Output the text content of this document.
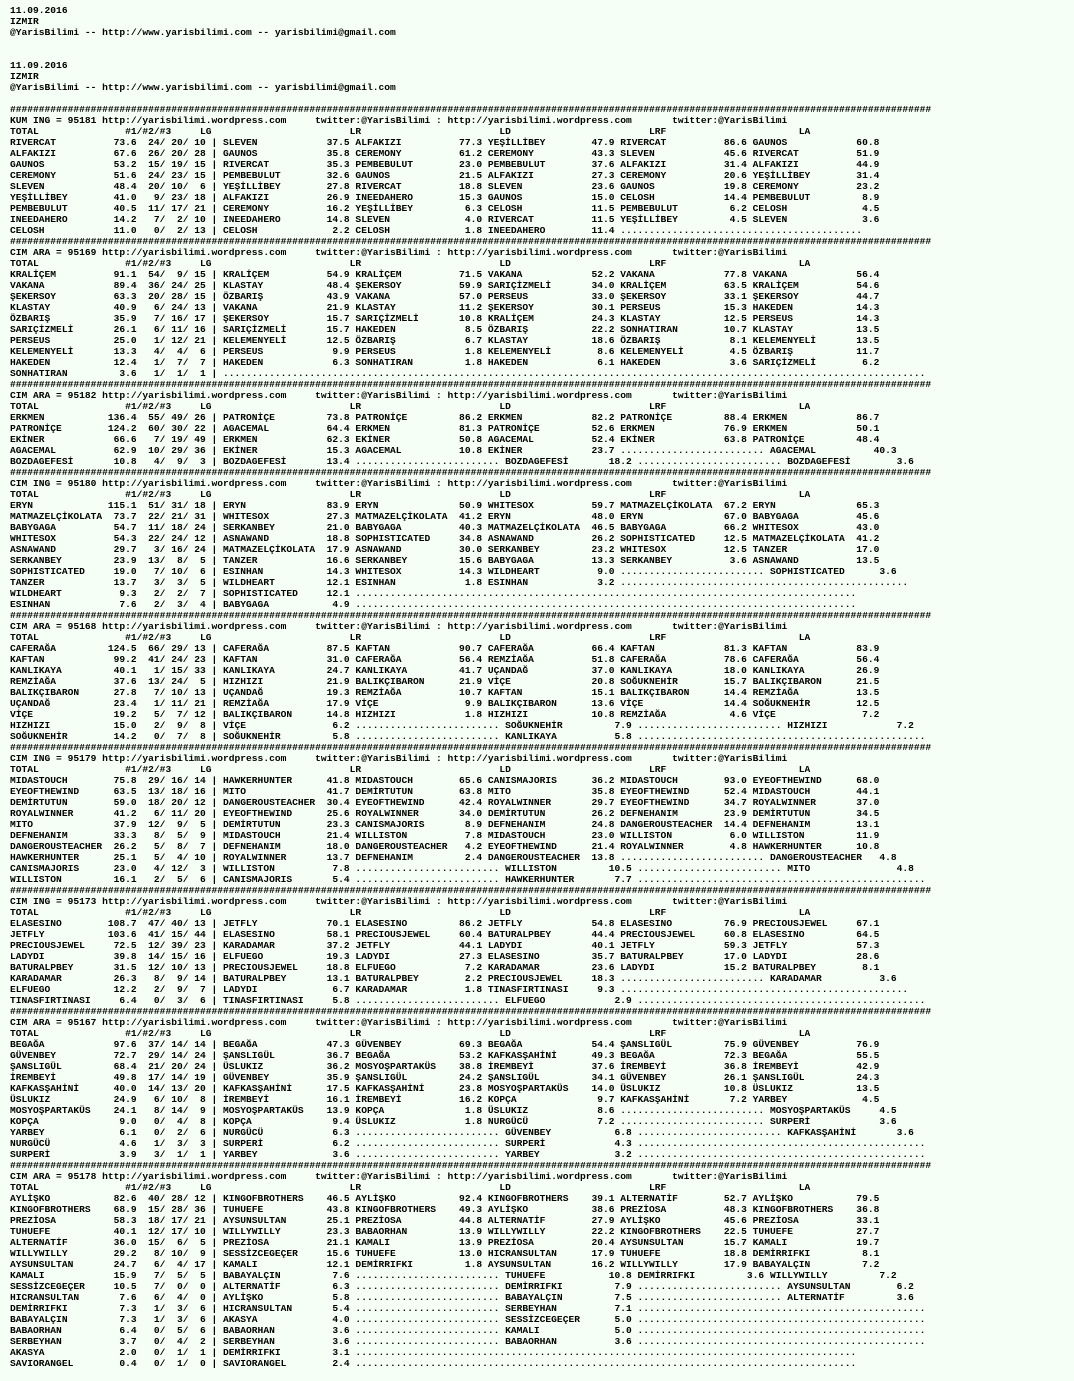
11.09.2016
IZMIR
@YarisBilimi -- http://www.yarisbilimi.com -- yarisbilimi@gmail.com
11.09.2016
IZMIR
@YarisBilimi -- http://www.yarisbilimi.com -- yarisbilimi@gmail.com
################################################################################################################################################################
KUM ING = 95181 http://yarisbilimi.wordpress.com     twitter:@YarisBilimi : http://yarisbilimi.wordpress.com       twitter:@YarisBilimi
TOTAL               #1/#2/#3     LG                        LR                        LD                        LRF                       LA
RIVERCAT          73.6  24/ 20/ 10 | SLEVEN            37.5 ALFAKIZI          77.3 YEŞİLLİBEY        47.9 RIVERCAT          86.6 GAUNOS            60.8
ALFAKIZI          67.6  26/ 20/ 28 | GAUNOS            35.8 CEREMONY          61.2 CEREMONY          43.3 SLEVEN            45.6 RIVERCAT          51.9
GAUNOS            53.2  15/ 19/ 15 | RIVERCAT          35.3 PEMBEBULUT        23.0 PEMBEBULUT        37.6 ALFAKIZI          31.4 ALFAKIZI          44.9
CEREMONY          51.6  24/ 23/ 15 | PEMBEBULUT        32.6 GAUNOS            21.5 ALFAKIZI          27.3 CEREMONY          20.6 YEŞİLLİBEY        31.4
SLEVEN            48.4  20/ 10/  6 | YEŞİLLİBEY        27.8 RIVERCAT          18.8 SLEVEN            23.6 GAUNOS            19.8 CEREMONY          23.2
YEŞİLLİBEY        41.0   9/ 23/ 18 | ALFAKIZI          26.9 INEEDAHERO        15.3 GAUNOS            15.0 CELOSH            14.4 PEMBEBULUT         8.9
PEMBEBULUT        40.5  11/ 17/ 21 | CEREMONY          16.2 YEŞİLLİBEY         6.3 CELOSH            11.5 PEMBEBULUT         6.2 CELOSH             4.5
INEEDAHERO        14.2   7/  2/ 10 | INEEDAHERO        14.8 SLEVEN             4.0 RIVERCAT          11.5 YEŞİLLİBEY         4.5 SLEVEN             3.6
CELOSH            11.0   0/  2/ 13 | CELOSH             2.2 CELOSH             1.8 INEEDAHERO        11.4 ..........................................
################################################################################################################################################################
CIM ARA = 95169 http://yarisbilimi.wordpress.com     twitter:@YarisBilimi : http://yarisbilimi.wordpress.com       twitter:@YarisBilimi
TOTAL               #1/#2/#3     LG                        LR                        LD                        LRF                       LA
KRALİÇEM          91.1  54/  9/ 15 | KRALİÇEM          54.9 KRALİÇEM          71.5 VAKANA            52.2 VAKANA            77.8 VAKANA            56.4
VAKANA            89.4  36/ 24/ 25 | KLASTAY           48.4 ŞEKERSOY          59.9 SARIÇİZMELİ       34.0 KRALİÇEM          63.5 KRALİÇEM          54.6
ŞEKERSOY          63.3  20/ 28/ 15 | ÖZBARIŞ           43.9 VAKANA            57.0 PERSEUS           33.0 ŞEKERSOY          33.1 ŞEKERSOY          44.7
KLASTAY           40.9   6/ 24/ 13 | VAKANA            21.9 KLASTAY           11.2 ŞEKERSOY          30.1 PERSEUS           15.3 HAKEDEN           14.3
ÖZBARIŞ           35.9   7/ 16/ 17 | ŞEKERSOY          15.7 SARIÇİZMELİ       10.8 KRALİÇEM          24.3 KLASTAY           12.5 PERSEUS           14.3
SARIÇİZMELİ       26.1   6/ 11/ 16 | SARIÇİZMELİ       15.7 HAKEDEN            8.5 ÖZBARIŞ           22.2 SONHATIRAN        10.7 KLASTAY           13.5
PERSEUS           25.0   1/ 12/ 21 | KELEMENYELİ       12.5 ÖZBARIŞ            6.7 KLASTAY           18.6 ÖZBARIŞ            8.1 KELEMENYELİ       13.5
KELEMENYELİ       13.3   4/  4/  6 | PERSEUS            9.9 PERSEUS            1.8 KELEMENYELİ        8.6 KELEMENYELİ        4.5 ÖZBARIŞ           11.7
HAKEDEN           12.4   1/  7/  7 | HAKEDEN            6.3 SONHATIRAN         1.8 HAKEDEN            6.1 HAKEDEN            3.6 SARIÇİZMELİ        6.2
SONHATIRAN         3.6   1/  1/  1 | ..........................................................................................................................
################################################################################################################################################################
CIM ARA = 95182 http://yarisbilimi.wordpress.com     twitter:@YarisBilimi : http://yarisbilimi.wordpress.com       twitter:@YarisBilimi
TOTAL               #1/#2/#3     LG                        LR                        LD                        LRF                       LA
ERKMEN           136.4  55/ 49/ 26 | PATRONİÇE         73.8 PATRONİÇE         86.2 ERKMEN            82.2 PATRONİÇE         88.4 ERKMEN            86.7
PATRONİÇE        124.2  60/ 30/ 22 | AGACEMAL          64.4 ERKMEN            81.3 PATRONİÇE         52.6 ERKMEN            76.9 ERKMEN            50.1
EKİNER            66.6   7/ 19/ 49 | ERKMEN            62.3 EKİNER            50.8 AGACEMAL          52.4 EKİNER            63.8 PATRONİÇE         48.4
AGACEMAL          62.9  10/ 29/ 36 | EKİNER            15.3 AGACEMAL          10.8 EKİNER            23.7 ......................... AGACEMAL          40.3
BOZDAGEFESİ       10.8   4/  9/  3 | BOZDAGEFESİ       13.4 ......................... BOZDAGEFESİ       18.2 ......................... BOZDAGEFESİ        3.6
################################################################################################################################################################
CIM ING = 95180 http://yarisbilimi.wordpress.com     twitter:@YarisBilimi : http://yarisbilimi.wordpress.com       twitter:@YarisBilimi
TOTAL               #1/#2/#3     LG                        LR                        LD                        LRF                       LA
ERYN             115.1  51/ 31/ 18 | ERYN              83.9 ERYN              50.9 WHITESOX          59.7 MATMAZELÇİKOLATA  67.2 ERYN              65.3
MATMAZELÇİKOLATA  73.7  22/ 21/ 31 | WHITESOX          27.3 MATMAZELÇİKOLATA  41.2 ERYN              48.0 ERYN              67.0 BABYGAGA          45.6
BABYGAGA          54.7  11/ 18/ 24 | SERKANBEY         21.0 BABYGAGA          40.3 MATMAZELÇİKOLATA  46.5 BABYGAGA          66.2 WHITESOX          43.0
WHITESOX          54.3  22/ 24/ 12 | ASNAWAND          18.8 SOPHISTICATED     34.8 ASNAWAND          26.2 SOPHISTICATED     12.5 MATMAZELÇİKOLATA  41.2
ASNAWAND          29.7   3/ 16/ 24 | MATMAZELÇİKOLATA  17.9 ASNAWAND          30.0 SERKANBEY         23.2 WHITESOX          12.5 TANZER            17.0
SERKANBEY         23.9  13/  8/  5 | TANZER            16.6 SERKANBEY         15.6 BABYGAGA          13.3 SERKANBEY          3.6 ASNAWAND          13.5
SOPHISTICATED     19.0   7/ 10/  6 | ESINHAN           14.3 WHITESOX          14.3 WILDHEART          9.0 ......................... SOPHISTICATED      3.6
TANZER            13.7   3/  3/  5 | WILDHEART         12.1 ESINHAN            1.8 ESINHAN            3.2 ..................................................
WILDHEART          9.3   2/  2/  7 | SOPHISTICATED     12.1 .......................................................................................
ESINHAN            7.6   2/  3/  4 | BABYGAGA           4.9 .......................................................................................
################################################################################################################################################################
CIM ARA = 95168 http://yarisbilimi.wordpress.com     twitter:@YarisBilimi : http://yarisbilimi.wordpress.com       twitter:@YarisBilimi
TOTAL               #1/#2/#3     LG                        LR                        LD                        LRF                       LA
CAFERAĞA         124.5  66/ 29/ 13 | CAFERAĞA          87.5 KAFTAN            90.7 CAFERAĞA          66.4 KAFTAN            81.3 KAFTAN            83.9
KAFTAN            99.2  41/ 24/ 23 | KAFTAN            31.0 CAFERAĞA          56.4 REMZİAĞA          51.8 CAFERAĞA          78.6 CAFERAĞA          56.4
KANLIKAYA         40.1   1/ 15/ 33 | KANLIKAYA         24.7 KANLIKAYA         41.7 UÇANDAĞ           37.0 KANLIKAYA         18.0 KANLIKAYA         26.9
REMZİAĞA          37.6  13/ 24/  5 | HIZHIZI           21.9 BALIKÇIBARON      21.9 VİÇE              20.8 SOĞUKNEHİR        15.7 BALIKÇIBARON      21.5
BALIKÇIBARON      27.8   7/ 10/ 13 | UÇANDAĞ           19.3 REMZİAĞA          10.7 KAFTAN            15.1 BALIKÇIBARON      14.4 REMZİAĞA          13.5
UÇANDAĞ           23.4   1/ 11/ 21 | REMZİAĞA          17.9 VİÇE               9.9 BALIKÇIBARON      13.6 VİÇE              14.4 SOĞUKNEHİR        12.5
VİÇE              19.2   5/  7/ 12 | BALIKÇIBARON      14.8 HIZHIZI            1.8 HIZHIZI           10.8 REMZİAĞA           4.6 VİÇE               7.2
HIZHIZI           15.0   2/  9/  8 | VİÇE               6.2 ......................... SOĞUKNEHİR         7.9 ......................... HIZHIZI            7.2
SOĞUKNEHİR        14.2   0/  7/  8 | SOĞUKNEHİR         5.8 ......................... KANLIKAYA          5.8 ..................................................
################################################################################################################################################################
CIM ING = 95179 http://yarisbilimi.wordpress.com     twitter:@YarisBilimi : http://yarisbilimi.wordpress.com       twitter:@YarisBilimi
TOTAL               #1/#2/#3     LG                        LR                        LD                        LRF                       LA
MIDASTOUCH        75.8  29/ 16/ 14 | HAWKERHUNTER      41.8 MIDASTOUCH        65.6 CANISMAJORIS      36.2 MIDASTOUCH        93.0 EYEOFTHEWIND      68.0
EYEOFTHEWIND      63.5  13/ 18/ 16 | MITO              41.7 DEMİRTUTUN        63.8 MITO              35.8 EYEOFTHEWIND      52.4 MIDASTOUCH        44.1
DEMİRTUTUN        59.0  18/ 20/ 12 | DANGEROUSTEACHER  30.4 EYEOFTHEWIND      42.4 ROYALWINNER       29.7 EYEOFTHEWIND      34.7 ROYALWINNER       37.0
ROYALWINNER       41.2   6/ 11/ 20 | EYEOFTHEWIND      25.6 ROYALWINNER       34.0 DEMİRTUTUN        26.2 DEFNEHANIM        23.9 DEMİRTUTUN        34.5
MITO              37.9  12/  9/  5 | DEMİRTUTUN        23.3 CANISMAJORIS       8.9 DEFNEHANIM        24.8 DANGEROUSTEACHER  14.4 DEFNEHANIM        13.1
DEFNEHANIM        33.3   8/  5/  9 | MIDASTOUCH        21.4 WILLISTON          7.8 MIDASTOUCH        23.0 WILLISTON          6.0 WILLISTON         11.9
DANGEROUSTEACHER  26.2   5/  8/  7 | DEFNEHANIM        18.0 DANGEROUSTEACHER   4.2 EYEOFTHEWIND      21.4 ROYALWINNER        4.8 HAWKERHUNTER      10.8
HAWKERHUNTER      25.1   5/  4/ 10 | ROYALWINNER       13.7 DEFNEHANIM         2.4 DANGEROUSTEACHER  13.8 ......................... DANGEROUSTEACHER   4.8
CANISMAJORIS      23.0   4/ 12/  3 | WILLISTON          7.8 ......................... WILLISTON         10.5 ......................... MITO               4.8
WILLISTON         16.1   2/  5/  6 | CANISMAJORIS       5.4 ......................... HAWKERHUNTER       7.7 ..................................................
################################################################################################################################################################
CIM ING = 95173 http://yarisbilimi.wordpress.com     twitter:@YarisBilimi : http://yarisbilimi.wordpress.com       twitter:@YarisBilimi
TOTAL               #1/#2/#3     LG                        LR                        LD                        LRF                       LA
ELASESINO        108.7  47/ 40/ 13 | JETFLY            70.1 ELASESINO         86.2 JETFLY            54.8 ELASESINO         76.9 PRECIOUSJEWEL     67.1
JETFLY           103.6  41/ 15/ 44 | ELASESINO         58.1 PRECIOUSJEWEL     60.4 BATURALPBEY       44.4 PRECIOUSJEWEL     60.8 ELASESINO         64.5
PRECIOUSJEWEL     72.5  12/ 39/ 23 | KARADAMAR         37.2 JETFLY            44.1 LADYDI            40.1 JETFLY            59.3 JETFLY            57.3
LADYDI            39.8  14/ 15/ 16 | ELFUEGO           19.3 LADYDI            27.3 ELASESINO         35.7 BATURALPBEY       17.0 LADYDI            28.6
BATURALPBEY       31.5  12/ 10/ 13 | PRECIOUSJEWEL     18.8 ELFUEGO            7.2 KARADAMAR         23.6 LADYDI            15.2 BATURALPBEY        8.1
KARADAMAR         26.3   8/  9/ 14 | BATURALPBEY       13.1 BATURALPBEY        2.2 PRECIOUSJEWEL     18.3 ......................... KARADAMAR          3.6
ELFUEGO           12.2   2/  9/  7 | LADYDI             6.7 KARADAMAR          1.8 TINASFIRTINASI     9.3 ..................................................
TINASFIRTINASI     6.4   0/  3/  6 | TINASFIRTINASI     5.8 ......................... ELFUEGO            2.9 ..................................................
################################################################################################################################################################
CIM ARA = 95167 http://yarisbilimi.wordpress.com     twitter:@YarisBilimi : http://yarisbilimi.wordpress.com       twitter:@YarisBilimi
TOTAL               #1/#2/#3     LG                        LR                        LD                        LRF                       LA
BEGAĞA            97.6  37/ 14/ 14 | BEGAĞA            47.3 GÜVENBEY          69.3 BEGAĞA            54.4 ŞANSLIGÜL         75.9 GÜVENBEY          76.9
GÜVENBEY          72.7  29/ 14/ 24 | ŞANSLIGÜL         36.7 BEGAĞA            53.2 KAFKASŞAHİNİ      49.3 BEGAĞA            72.3 BEGAĞA            55.5
ŞANSLIGÜL         68.4  21/ 20/ 24 | ÜSLUKIZ           36.2 MOSYOŞPARTAKÜS    38.8 İREMBEYİ          37.6 İREMBEYİ          36.8 İREMBEYİ          42.9
İREMBEYİ          49.8  17/ 14/ 19 | GÜVENBEY          35.9 ŞANSLIGÜL         24.2 ŞANSLIGÜL         34.1 GÜVENBEY          26.1 ŞANSLIGÜL         24.3
KAFKASŞAHİNİ      40.0  14/ 13/ 20 | KAFKASŞAHİNİ      17.5 KAFKASŞAHİNİ      23.8 MOSYOŞPARTAKÜS    14.0 ÜSLUKIZ           10.8 ÜSLUKIZ           13.5
ÜSLUKIZ           24.9   6/ 10/  8 | İREMBEYİ          16.1 İREMBEYİ          16.2 KOPÇA              9.7 KAFKASŞAHİNİ       7.2 YARBEY             4.5
MOSYOŞPARTAKÜS    24.1   8/ 14/  9 | MOSYOŞPARTAKÜS    13.9 KOPÇA              1.8 ÜSLUKIZ            8.6 ......................... MOSYOŞPARTAKÜS     4.5
KOPÇA              9.0   0/  4/  8 | KOPÇA              9.4 ÜSLUKIZ            1.8 NURGÜCÜ            7.2 ......................... SURPERİ            3.6
YARBEY             6.1   0/  2/  6 | NURGÜCÜ            6.3 ......................... GÜVENBEY           6.8 ......................... KAFKASŞAHİNİ       3.6
NURGÜCÜ            4.6   1/  3/  3 | SURPERİ            6.2 ......................... SURPERİ            4.3 ..................................................
SURPERİ            3.9   3/  1/  1 | YARBEY             3.6 ......................... YARBEY             3.2 ..................................................
################################################################################################################################################################
CIM ARA = 95178 http://yarisbilimi.wordpress.com     twitter:@YarisBilimi : http://yarisbilimi.wordpress.com       twitter:@YarisBilimi
TOTAL               #1/#2/#3     LG                        LR                        LD                        LRF                       LA
AYLİŞKO           82.6  40/ 28/ 12 | KINGOFBROTHERS    46.5 AYLİŞKO           92.4 KINGOFBROTHERS    39.1 ALTERNATİF        52.7 AYLİŞKO           79.5
KINGOFBROTHERS    68.9  15/ 28/ 36 | TUHUEFE           43.8 KINGOFBROTHERS    49.3 AYLİŞKO           38.6 PREZİOSA          48.3 KINGOFBROTHERS    36.8
PREZİOSA          58.3  18/ 17/ 21 | AYSUNSULTAN       25.1 PREZİOSA          44.8 ALTERNATİF        27.9 AYLİŞKO           45.6 PREZİOSA          33.1
TUHUEFE           40.1  12/ 17/ 10 | WILLYWILLY        23.3 BABAORHAN         13.9 WILLYWILLY        22.2 KINGOFBROTHERS    22.5 TUHUEFE           27.7
ALTERNATİF        36.0  15/  6/  5 | PREZİOSA          21.1 KAMALI            13.9 PREZİOSA          20.4 AYSUNSULTAN       15.7 KAMALI            19.7
WILLYWILLY        29.2   8/ 10/  9 | SESSİZCEGEÇER     15.6 TUHUEFE           13.0 HICRANSULTAN      17.9 TUHUEFE           18.8 DEMİRRIFKI         8.1
AYSUNSULTAN       24.7   6/  4/ 17 | KAMALI            12.1 DEMİRRIFKI         1.8 AYSUNSULTAN       16.2 WILLYWILLY        17.9 BABAYALÇIN         7.2
KAMALI            15.9   7/  5/  5 | BABAYALÇIN         7.6 ......................... TUHUEFE           10.8 DEMİRRIFKI         3.6 WILLYWILLY         7.2
SESSİZCEGEÇER     10.5   7/  0/  0 | ALTERNATİF         6.3 ......................... DEMİRRIFKI         7.9 ......................... AYSUNSULTAN        6.2
HICRANSULTAN       7.6   6/  4/  0 | AYLİŞKO            5.8 ......................... BABAYALÇIN         7.5 ......................... ALTERNATİF         3.6
DEMİRRIFKI         7.3   1/  3/  6 | HICRANSULTAN       5.4 ......................... SERBEYHAN          7.1 ..................................................
BABAYALÇIN         7.3   1/  3/  6 | AKASYA             4.0 ......................... SESSİZCEGEÇER      5.0 ..................................................
BABAORHAN          6.4   0/  5/  6 | BABAORHAN          3.6 ......................... KAMALI             5.0 ..................................................
SERBEYHAN          3.7   0/  4/  2 | SERBEYHAN          3.6 ......................... BABAORHAN          3.6 ..................................................
AKASYA             2.0   0/  1/  1 | DEMİRRIFKI         3.1 .......................................................................................
SAVIORANGEL        0.4   0/  1/  0 | SAVIORANGEL        2.4 .......................................................................................
